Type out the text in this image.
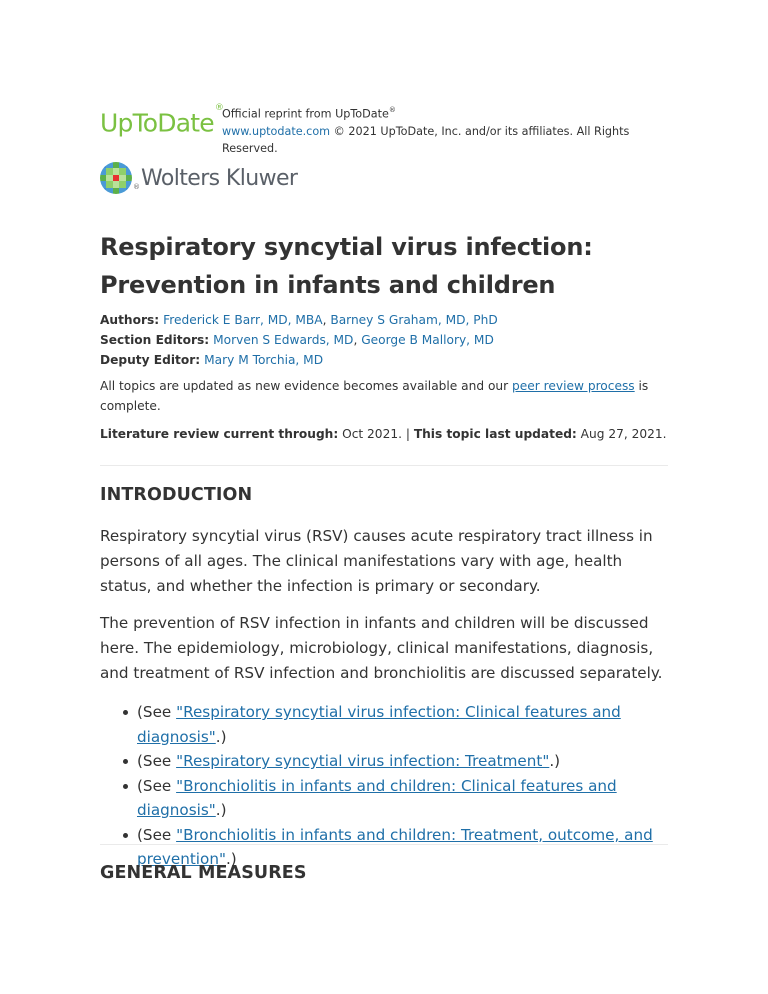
UpToDate®
Official reprint from UpToDate®
www.uptodate.com © 2021 UpToDate, Inc. and/or its affiliates. All Rights Reserved.
® Wolters Kluwer
Respiratory syncytial virus infection: Prevention in infants and children
Authors: Frederick E Barr, MD, MBA, Barney S Graham, MD, PhD
Section Editors: Morven S Edwards, MD, George B Mallory, MD
Deputy Editor: Mary M Torchia, MD
All topics are updated as new evidence becomes available and our peer review process is complete.
Literature review current through: Oct 2021. | This topic last updated: Aug 27, 2021.
INTRODUCTION

Respiratory syncytial virus (RSV) causes acute respiratory tract illness in persons of all ages. The clinical manifestations vary with age, health status, and whether the infection is primary or secondary.

The prevention of RSV infection in infants and children will be discussed here. The epidemiology, microbiology, clinical manifestations, diagnosis, and treatment of RSV infection and bronchiolitis are discussed separately.

(See "Respiratory syncytial virus infection: Clinical features and diagnosis".)
(See "Respiratory syncytial virus infection: Treatment".)
(See "Bronchiolitis in infants and children: Clinical features and diagnosis".)
(See "Bronchiolitis in infants and children: Treatment, outcome, and prevention".)
GENERAL MEASURES
